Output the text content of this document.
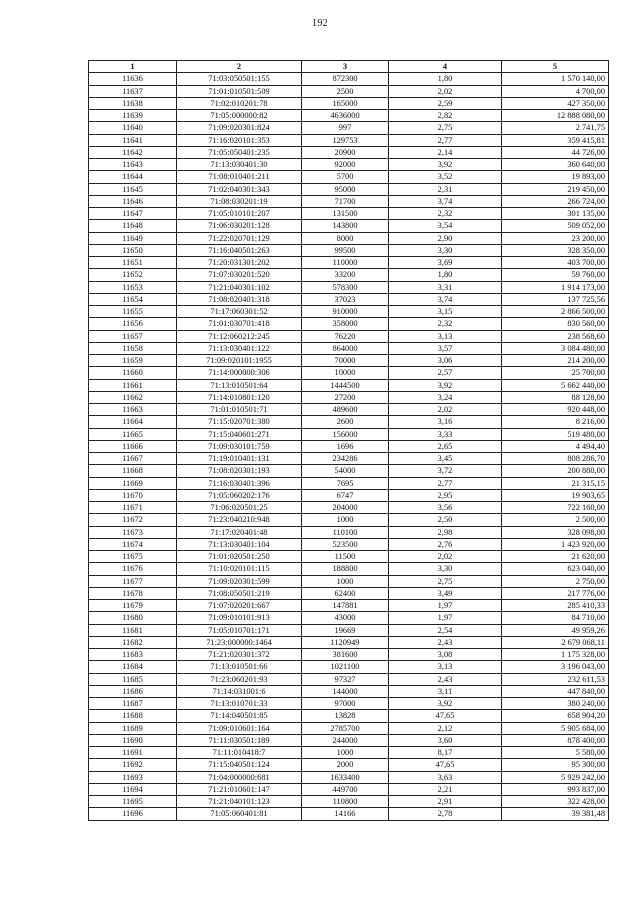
192
1	2	3	4	5
11636	71:03:050501:155	872300	1,80	1 570 140,00
11637	71:01:010501:509	2500	2,02	4 700,00
11638	71:02:010201:78	165000	2,59	427 350,00
11639	71:05:000000:82	4636000	2,82	12 888 080,00
11640	71:09:020301:824	997	2,75	2 741,75
11641	71:16:020101:353	129753	2,77	359 415,81
11642	71:05:050401:235	20900	2,14	44 726,00
11643	71:13:030401:30	92000	3,92	360 640,00
11644	71:08:010401:211	5700	3,52	19 893,00
11645	71:02:040301:343	95000	2,31	219 450,00
11646	71:08:030201:19	71700	3,74	266 724,00
11647	71:05:010101:207	131500	2,32	301 135,00
11648	71:06:030201:128	143800	3,54	509 052,00
11649	71:22:020701:129	8000	2,90	23 200,00
11650	71:16:040501:263	99500	3,30	328 350,00
11651	71:20:031301:202	110000	3,69	403 700,00
11652	71:07:030201:520	33200	1,80	59 760,00
11653	71:21:040301:102	578300	3,31	1 914 173,00
11654	71:08:020401:318	37023	3,74	137 725,56
11655	71:17:060301:52	910000	3,15	2 866 500,00
11656	71:01:030701:418	358000	2,32	830 560,00
11657	71:12:060212:245	76220	3,13	238 568,60
11658	71:13:030401:122	864000	3,57	3 084 480,00
11659	71:09:020101:1955	70000	3,06	214 200,00
11660	71:14:000000:306	10000	2,57	25 700,00
11661	71:13:010501:64	1444500	3,92	5 662 440,00
11662	71:14:010801:120	27200	3,24	88 128,00
11663	71:01:010501:71	489600	2,02	920 448,00
11664	71:15:020701:380	2600	3,16	8 216,00
11665	71:15:040601:271	156000	3,33	519 480,00
11666	71:09:030101:759	1696	2,65	4 494,40
11667	71:19:010401:131	234286	3,45	808 286,70
11668	71:08:020301:193	54000	3,72	200 880,00
11669	71:16:030401:396	7695	2,77	21 315,15
11670	71:05:060202:176	6747	2,95	19 903,65
11671	71:06:020501:25	204000	3,56	722 160,00
11672	71:23:040210:948	1000	2,50	2 500,00
11673	71:17:020401:48	110100	2,98	328 098,00
11674	71:13:030401:104	523500	2,76	1 423 920,00
11675	71:01:020501:250	11500	2,02	21 620,00
11676	71:10:020101:115	188800	3,30	623 040,00
11677	71:09:020301:599	1000	2,75	2 750,00
11678	71:08:050501:219	62400	3,49	217 776,00
11679	71:07:020201:667	147881	1,97	285 410,33
11680	71:09:010101:913	43000	1,97	84 710,00
11681	71:05:010701:171	19669	2,54	49 959,26
11682	71:23:000000:1464	1120949	2,43	2 679 068,11
11683	71:21:020301:372	381600	3,08	1 175 328,00
11684	71:13:010501:66	1021100	3,13	3 196 043,00
11685	71:23:060201:93	97327	2,43	232 611,53
11686	71:14:031001:6	144000	3,11	447 840,00
11687	71:13:010701:33	97000	3,92	380 240,00
11688	71:14:040501:85	13828	47,65	658 904,20
11689	71:09:010601:164	2785700	2,12	5 905 684,00
11690	71:11:030501:189	244000	3,60	878 400,00
11691	71:11:010418:7	1000	8,17	5 580,00
11692	71:15:040501:124	2000	47,65	95 300,00
11693	71:04:000000:681	1633400	3,63	5 929 242,00
11694	71:21:010601:147	449700	2,21	993 837,00
11695	71:21:040101:123	110800	2,91	322 428,00
11696	71:05:060401:81	14166	2,78	39 381,48
